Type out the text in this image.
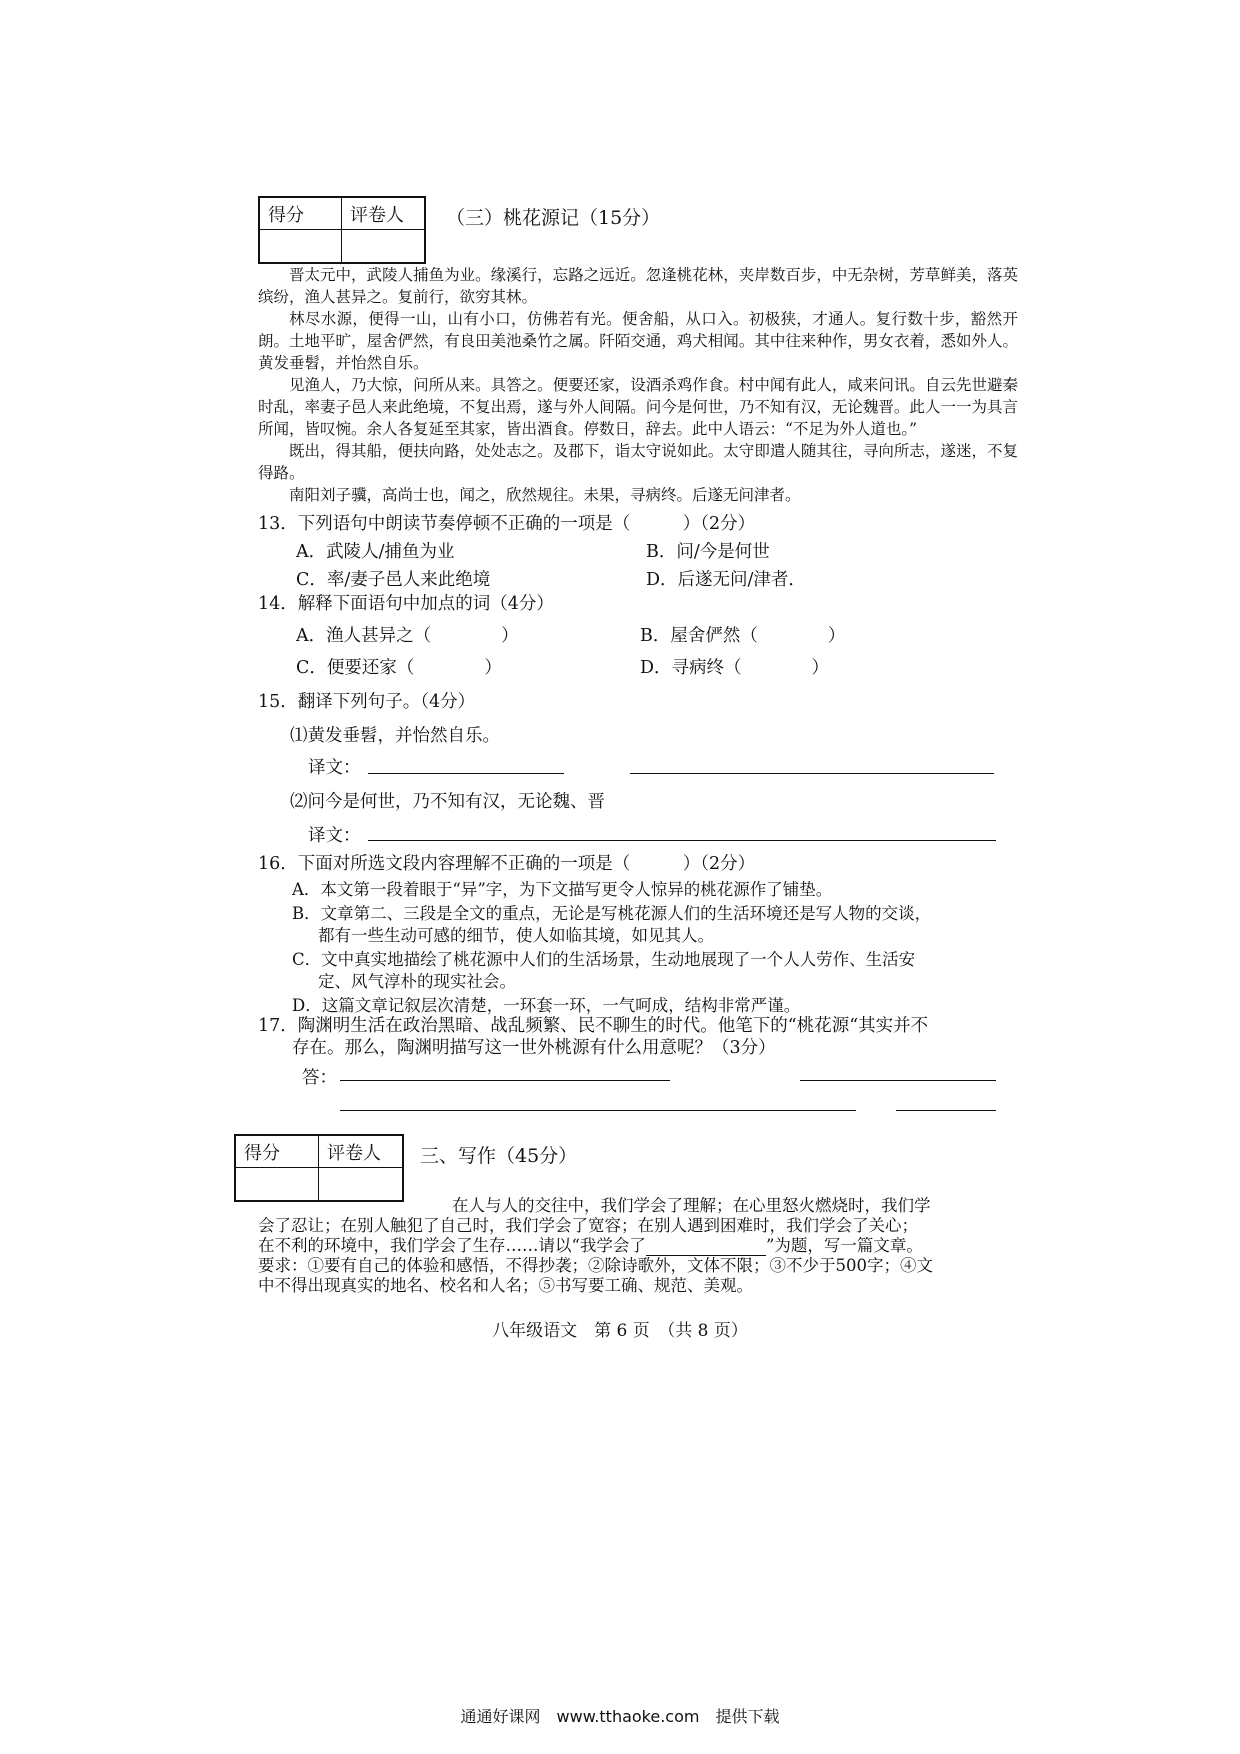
得分	评卷人	（三）桃花源记（15分）

晋太元中，武陵人捕鱼为业。缘溪行，忘路之远近。忽逢桃花林，夹岸数百步，中无杂树，芳草鲜美，落英缤纷，渔人甚异之。复前行，欲穷其林。

林尽水源，便得一山，山有小口，仿佛若有光。便舍船，从口入。初极狭，才通人。复行数十步，豁然开朗。土地平旷，屋舍俨然，有良田美池桑竹之属。阡陌交通，鸡犬相闻。其中往来种作，男女衣着，悉如外人。黄发垂髫，并怡然自乐。

见渔人，乃大惊，问所从来。具答之。便要还家，设酒杀鸡作食。村中闻有此人，咸来问讯。自云先世避秦时乱，率妻子邑人来此绝境，不复出焉，遂与外人间隔。问今是何世，乃不知有汉，无论魏晋。此人一一为具言所闻，皆叹惋。余人各复延至其家，皆出酒食。停数日，辞去。此中人语云：“不足为外人道也。”

既出，得其船，便扶向路，处处志之。及郡下，诣太守说如此。太守即遣人随其往，寻向所志，遂迷，不复得路。

南阳刘子骥，高尚士也，闻之，欣然规往。未果，寻病终。后遂无问津者。

13．下列语句中朗读节奏停顿不正确的一项是（　　　）（2分）
A．武陵人/捕鱼为业	B．问/今是何世
C．率/妻子邑人来此绝境	D．后遂无问/津者．
14．解释下面语句中加点的词（4分）
A．渔人甚异之（　　　　）	B．屋舍俨然（　　　　）
C．便要还家（　　　　）	D．寻病终（　　　　）
15．翻译下列句子。（4分）
⑴黄发垂髫，并怡然自乐。
译文：
⑵问今是何世，乃不知有汉，无论魏、晋
译文：
16．下面对所选文段内容理解不正确的一项是（　　　）（2分）
A．本文第一段着眼于“异”字，为下文描写更令人惊异的桃花源作了铺垫。
B．文章第二、三段是全文的重点，无论是写桃花源人们的生活环境还是写人物的交谈，
都有一些生动可感的细节，使人如临其境，如见其人。
C．文中真实地描绘了桃花源中人们的生活场景，生动地展现了一个人人劳作、生活安
定、风气淳朴的现实社会。
D．这篇文章记叙层次清楚，一环套一环，一气呵成，结构非常严谨。
17．陶渊明生活在政治黑暗、战乱频繁、民不聊生的时代。他笔下的“桃花源“其实并不
存在。那么，陶渊明描写这一世外桃源有什么用意呢？（3分）
答：
得分	评卷人	三、写作（45分）
在人与人的交往中，我们学会了理解；在心里怒火燃烧时，我们学
会了忍让；在别人触犯了自己时，我们学会了宽容；在别人遇到困难时，我们学会了关心；
在不利的环境中，我们学会了生存……请以“我学会了	”为题，写一篇文章。
要求：①要有自己的体验和感悟，不得抄袭；②除诗歌外，文体不限；③不少于500字；④文
中不得出现真实的地名、校名和人名；⑤书写要工确、规范、美观。
八年级语文　第 6 页　（共 8 页）
通通好课网　www.tthaoke.com　提供下载
